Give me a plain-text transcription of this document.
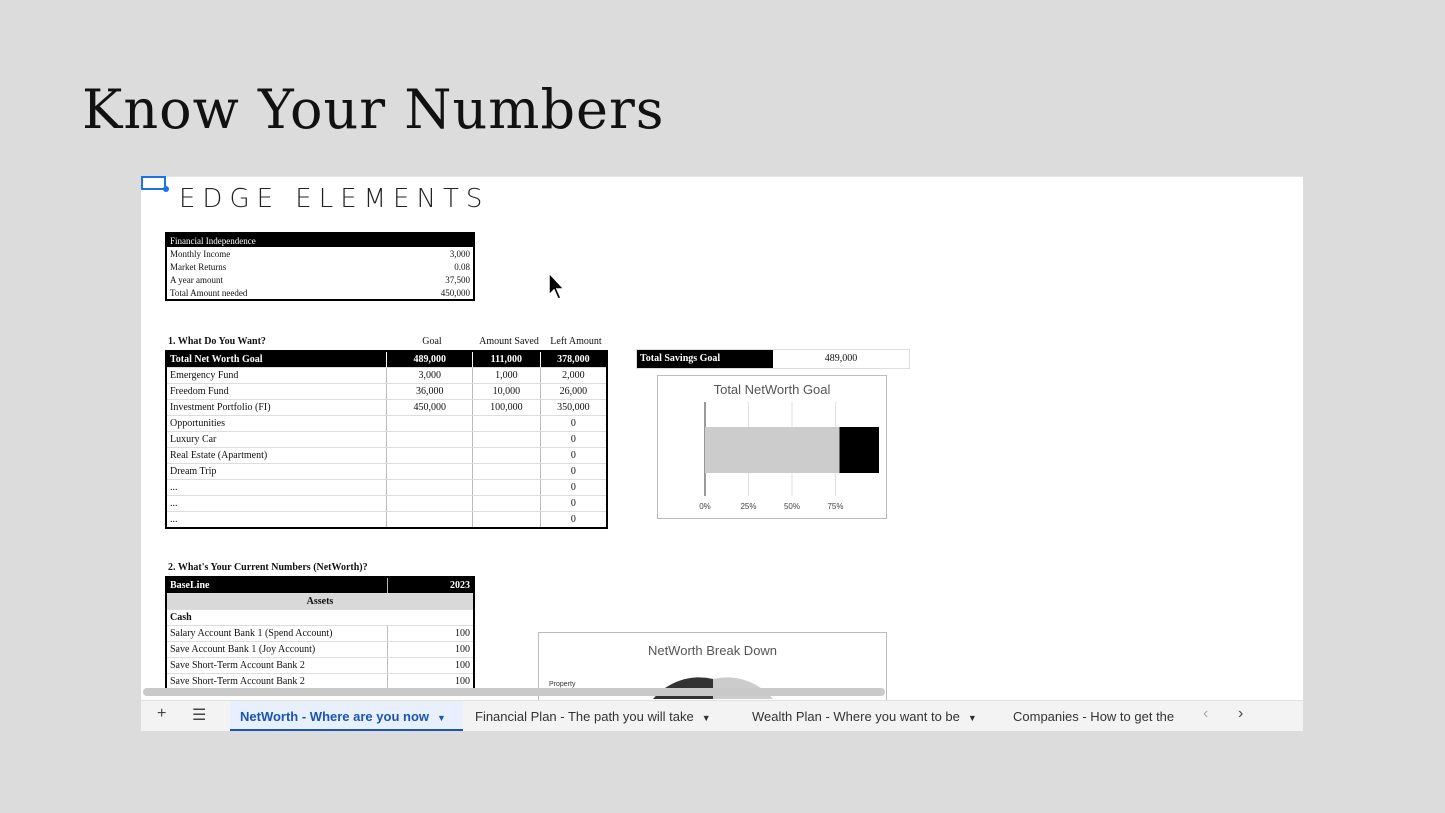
Know Your Numbers
EDGE ELEMENTS
Financial Independence	
Monthly Income	3,000
Market Returns	0.08
A year amount	37,500
Total Amount needed	450,000
1. What Do You Want?	Goal	Amount Saved	Left Amount
Total Net Worth Goal	489,000	111,000	378,000
Emergency Fund	3,000	1,000	2,000
Freedom Fund	36,000	10,000	26,000
Investment Portfolio (FI)	450,000	100,000	350,000
Opportunities			0
Luxury Car			0
Real Estate (Apartment)			0
Dream Trip			0
...			0
...			0
...			0
Total Savings Goal	489,000
Total NetWorth Goal
0%	25%	50%	75%
2. What's Your Current Numbers (NetWorth)?
BaseLine	2023
Assets	
Cash	
Salary Account Bank 1 (Spend Account)	100
Save Account Bank 1 (Joy Account)	100
Save Short-Term Account Bank 2	100
Save Short-Term Account Bank 2	100
NetWorth Break Down
Property
+ ☰	NetWorth - Where are you now ▼	Financial Plan - The path you will take ▼	Wealth Plan - Where you want to be ▼	Companies - How to get the	‹ ›
